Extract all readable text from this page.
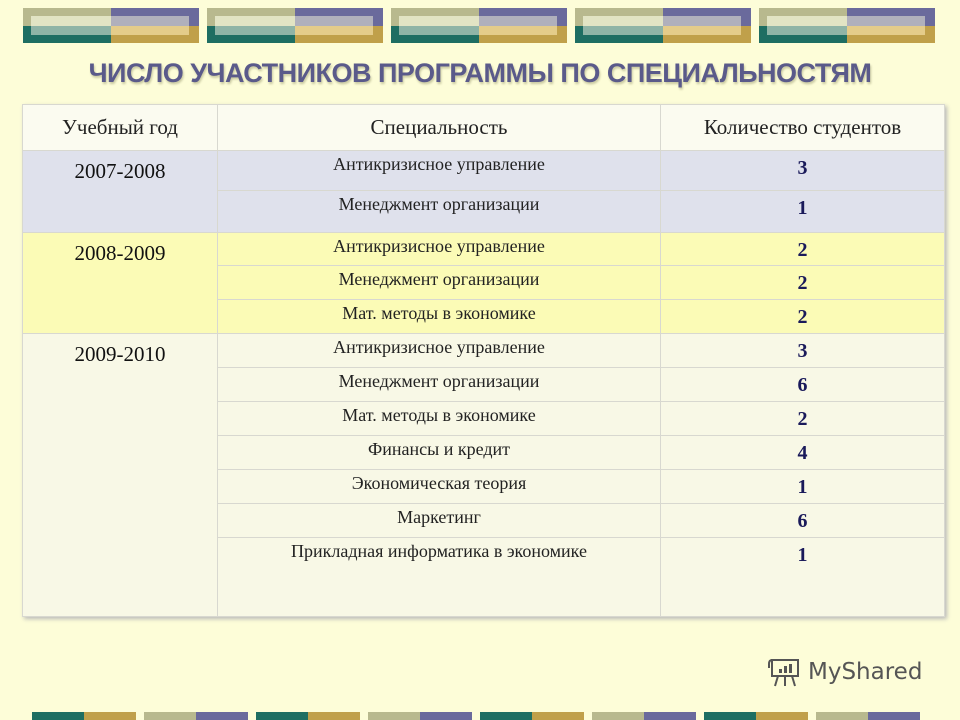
ЧИСЛО УЧАСТНИКОВ ПРОГРАММЫ ПО СПЕЦИАЛЬНОСТЯМ
Учебный год	Специальность	Количество студентов
2007-2008	Антикризисное управление	3
	Менеджмент организации	1
2008-2009	Антикризисное управление	2
	Менеджмент организации	2
	Мат. методы в экономике	2
2009-2010	Антикризисное управление	3
	Менеджмент организации	6
	Мат. методы в экономике	2
	Финансы и кредит	4
	Экономическая теория	1
	Маркетинг	6
	Прикладная информатика в экономике	1
MyShared
